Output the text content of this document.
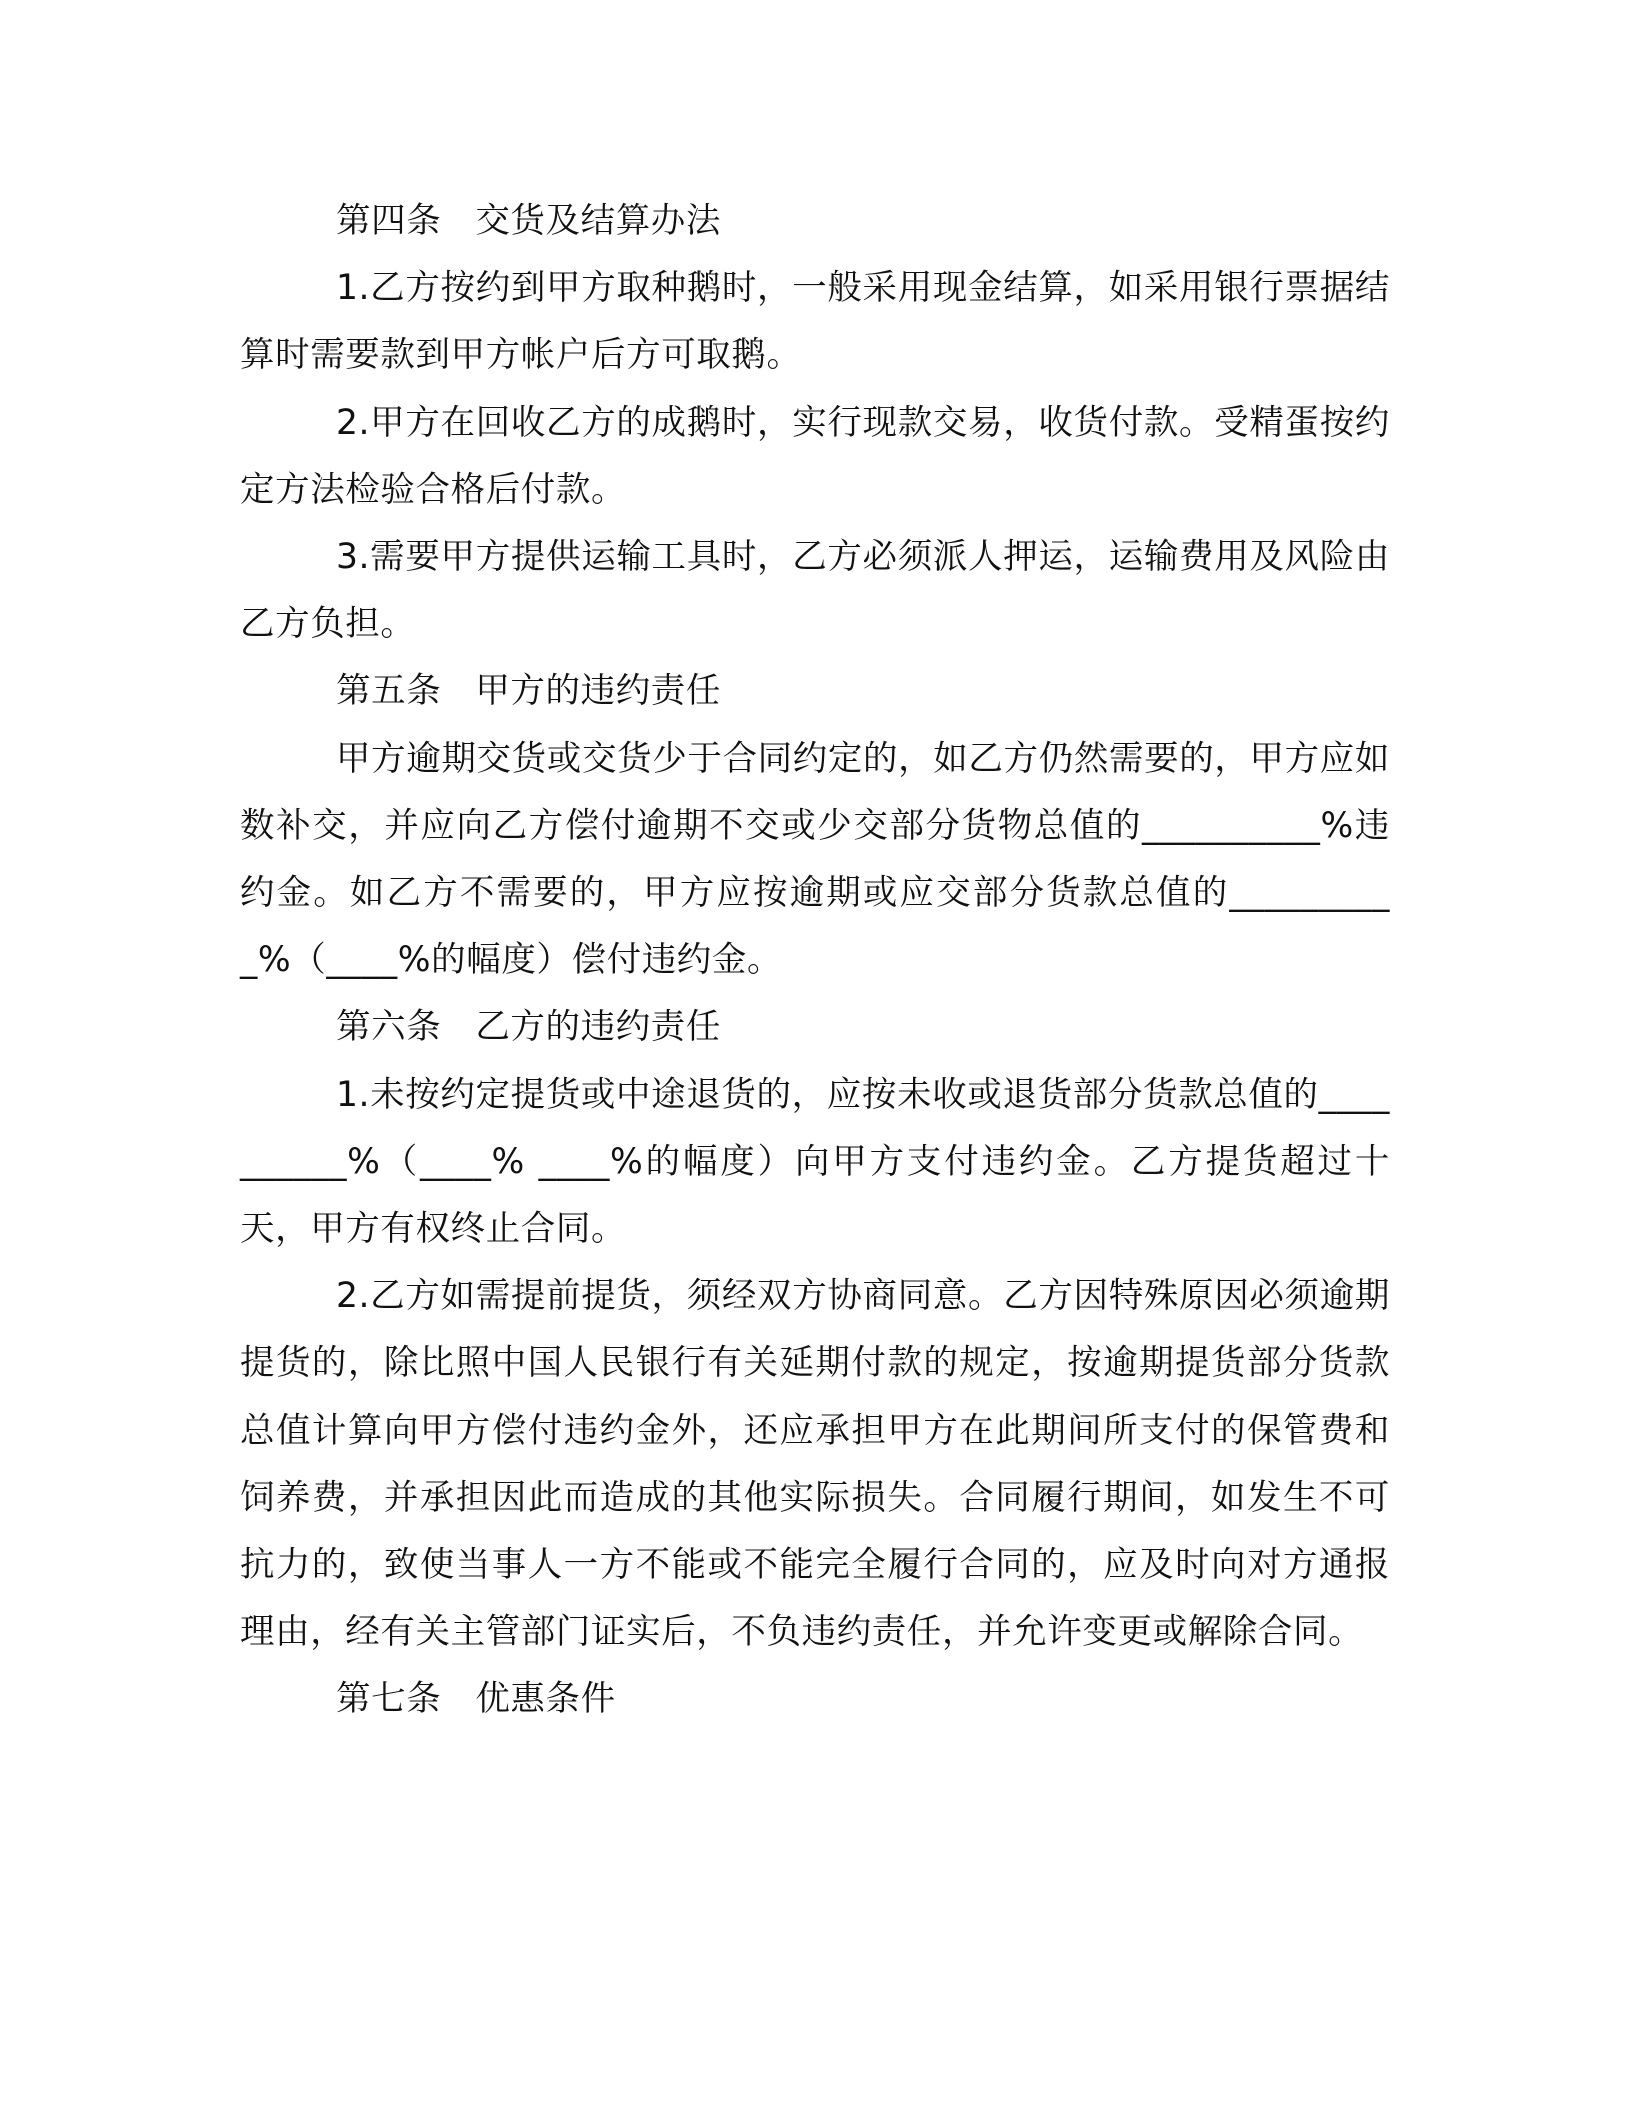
第四条 交货及结算办法

1.乙方按约到甲方取种鹅时，一般采用现金结算，如采用银行票据结算时需要款到甲方帐户后方可取鹅。

2.甲方在回收乙方的成鹅时，实行现款交易，收货付款。受精蛋按约定方法检验合格后付款。

3.需要甲方提供运输工具时，乙方必须派人押运，运输费用及风险由乙方负担。

第五条 甲方的违约责任

甲方逾期交货或交货少于合同约定的，如乙方仍然需要的，甲方应如数补交，并应向乙方偿付逾期不交或少交部分货物总值的__________%违约金。如乙方不需要的，甲方应按逾期或应交部分货款总值的__________%（____%的幅度）偿付违约金。

第六条 乙方的违约责任

1.未按约定提货或中途退货的，应按未收或退货部分货款总值的__________%（____% ____%的幅度）向甲方支付违约金。乙方提货超过十天，甲方有权终止合同。

2.乙方如需提前提货，须经双方协商同意。乙方因特殊原因必须逾期提货的，除比照中国人民银行有关延期付款的规定，按逾期提货部分货款总值计算向甲方偿付违约金外，还应承担甲方在此期间所支付的保管费和饲养费，并承担因此而造成的其他实际损失。合同履行期间，如发生不可抗力的，致使当事人一方不能或不能完全履行合同的，应及时向对方通报理由，经有关主管部门证实后，不负违约责任，并允许变更或解除合同。

第七条 优惠条件
